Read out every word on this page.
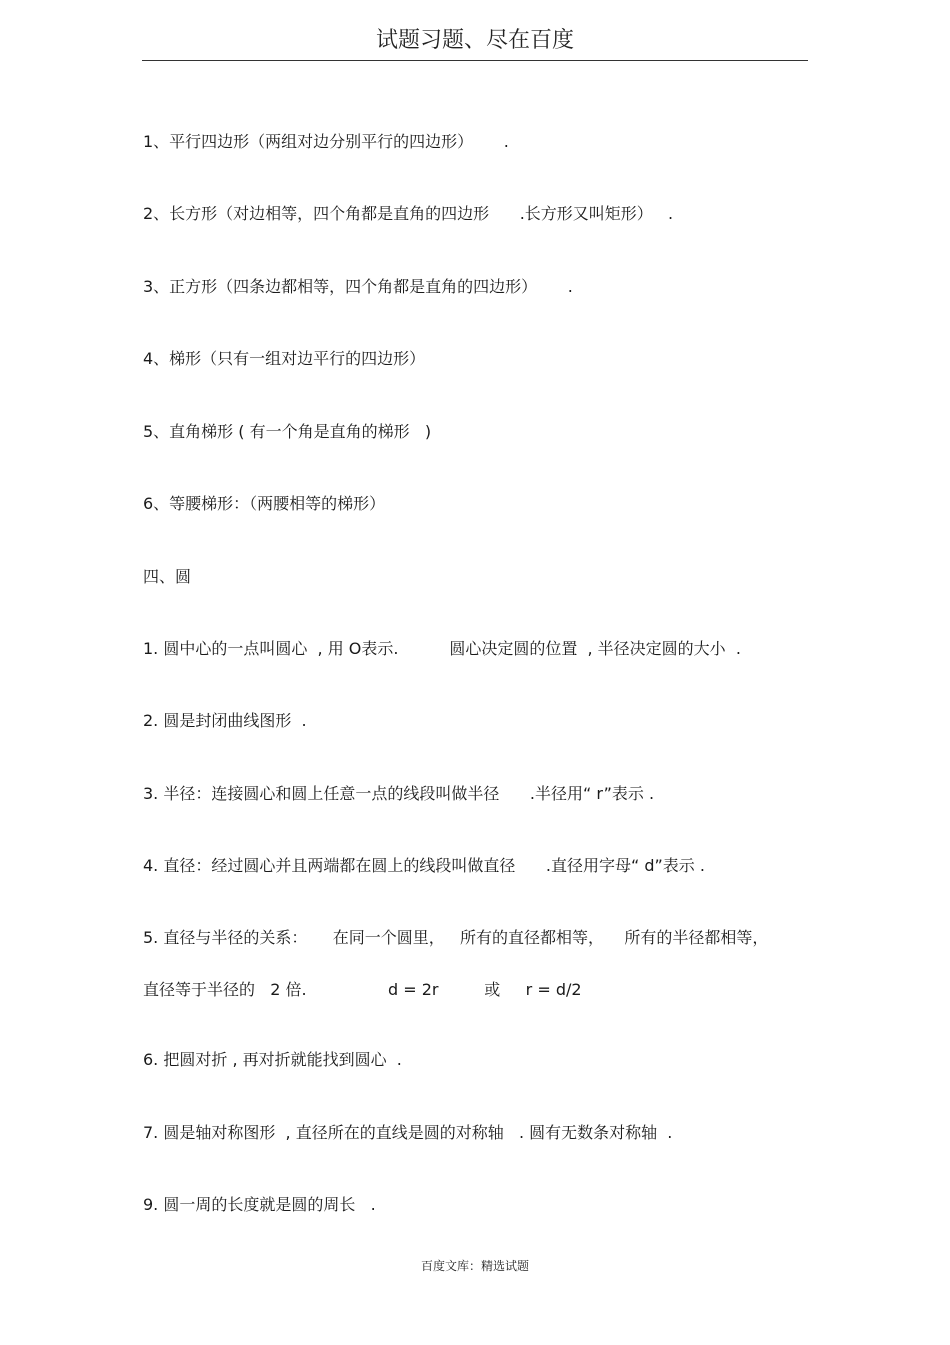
试题习题、尽在百度
1、平行四边形（两组对边分别平行的四边形）      .
2、长方形（对边相等，四个角都是直角的四边形      .长方形又叫矩形）   .
3、正方形（四条边都相等，四个角都是直角的四边形）      .
4、梯形（只有一组对边平行的四边形）
5、直角梯形 ( 有一个角是直角的梯形   )
6、等腰梯形：（两腰相等的梯形）
四、圆
1. 圆中心的一点叫圆心  , 用 O表示.          圆心决定圆的位置  , 半径决定圆的大小  .
2. 圆是封闭曲线图形  .
3. 半径：连接圆心和圆上任意一点的线段叫做半径      .半径用“ r”表示 .
4. 直径：经过圆心并且两端都在圆上的线段叫做直径      .直径用字母“ d”表示 .
5. 直径与半径的关系：     在同一个圆里，   所有的直径都相等，    所有的半径都相等，
直径等于半径的   2 倍.                d = 2r         或     r = d/2
6. 把圆对折 , 再对折就能找到圆心  .
7. 圆是轴对称图形  , 直径所在的直线是圆的对称轴   . 圆有无数条对称轴  .
9. 圆一周的长度就是圆的周长   .
百度文库：精选试题
